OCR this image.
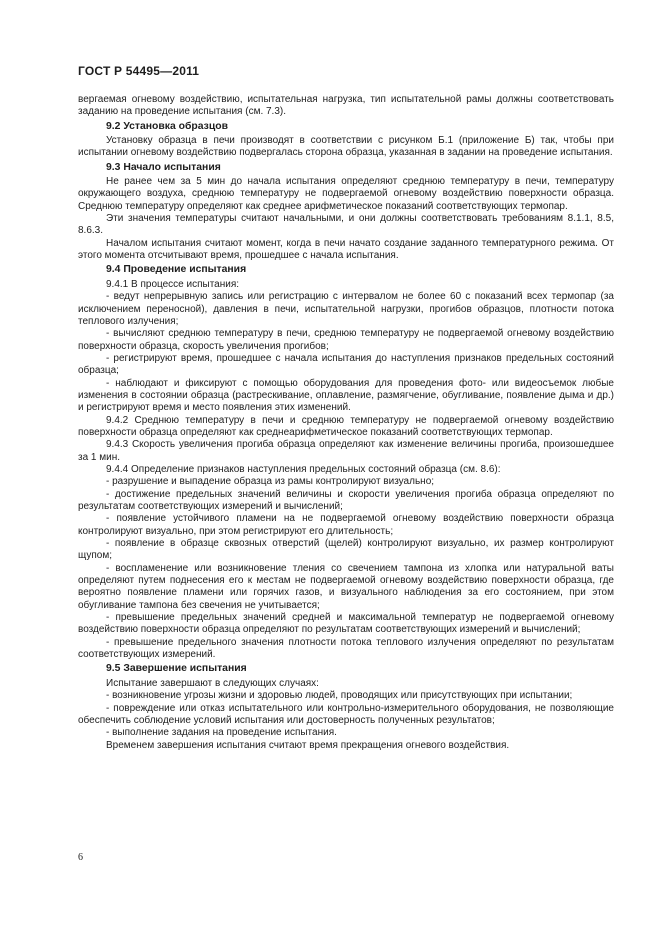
ГОСТ Р 54495—2011

вергаемая огневому воздействию, испытательная нагрузка, тип испытательной рамы должны соответствовать заданию на проведение испытания (см. 7.3).

9.2 Установка образцов

Установку образца в печи производят в соответствии с рисунком Б.1 (приложение Б) так, чтобы при испытании огневому воздействию подвергалась сторона образца, указанная в задании на проведение испытания.

9.3 Начало испытания

Не ранее чем за 5 мин до начала испытания определяют среднюю температуру в печи, температуру окружающего воздуха, среднюю температуру не подвергаемой огневому воздействию поверхности образца. Среднюю температуру определяют как среднее арифметическое показаний соответствующих термопар.

Эти значения температуры считают начальными, и они должны соответствовать требованиям 8.1.1, 8.5, 8.6.3.

Началом испытания считают момент, когда в печи начато создание заданного температурного режима. От этого момента отсчитывают время, прошедшее с начала испытания.

9.4 Проведение испытания

9.4.1 В процессе испытания:

- ведут непрерывную запись или регистрацию с интервалом не более 60 с показаний всех термопар (за исключением переносной), давления в печи, испытательной нагрузки, прогибов образцов, плотности потока теплового излучения;

- вычисляют среднюю температуру в печи, среднюю температуру не подвергаемой огневому воздействию поверхности образца, скорость увеличения прогибов;

- регистрируют время, прошедшее с начала испытания до наступления признаков предельных состояний образца;

- наблюдают и фиксируют с помощью оборудования для проведения фото- или видеосъемок любые изменения в состоянии образца (растрескивание, оплавление, размягчение, обугливание, появление дыма и др.) и регистрируют время и место появления этих изменений.

9.4.2 Среднюю температуру в печи и среднюю температуру не подвергаемой огневому воздействию поверхности образца определяют как среднеарифметическое показаний соответствующих термопар.

9.4.3 Скорость увеличения прогиба образца определяют как изменение величины прогиба, произошедшее за 1 мин.

9.4.4 Определение признаков наступления предельных состояний образца (см. 8.6):

- разрушение и выпадение образца из рамы контролируют визуально;

- достижение предельных значений величины и скорости увеличения прогиба образца определяют по результатам соответствующих измерений и вычислений;

- появление устойчивого пламени на не подвергаемой огневому воздействию поверхности образца контролируют визуально, при этом регистрируют его длительность;

- появление в образце сквозных отверстий (щелей) контролируют визуально, их размер контролируют щупом;

- воспламенение или возникновение тления со свечением тампона из хлопка или натуральной ваты определяют путем поднесения его к местам не подвергаемой огневому воздействию поверхности образца, где вероятно появление пламени или горячих газов, и визуального наблюдения за его состоянием, при этом обугливание тампона без свечения не учитывается;

- превышение предельных значений средней и максимальной температур не подвергаемой огневому воздействию поверхности образца определяют по результатам соответствующих измерений и вычислений;

- превышение предельного значения плотности потока теплового излучения определяют по результатам соответствующих измерений.

9.5 Завершение испытания

Испытание завершают в следующих случаях:

- возникновение угрозы жизни и здоровью людей, проводящих или присутствующих при испытании;

- повреждение или отказ испытательного или контрольно-измерительного оборудования, не позволяющие обеспечить соблюдение условий испытания или достоверность полученных результатов;

- выполнение задания на проведение испытания.

Временем завершения испытания считают время прекращения огневого воздействия.

6
